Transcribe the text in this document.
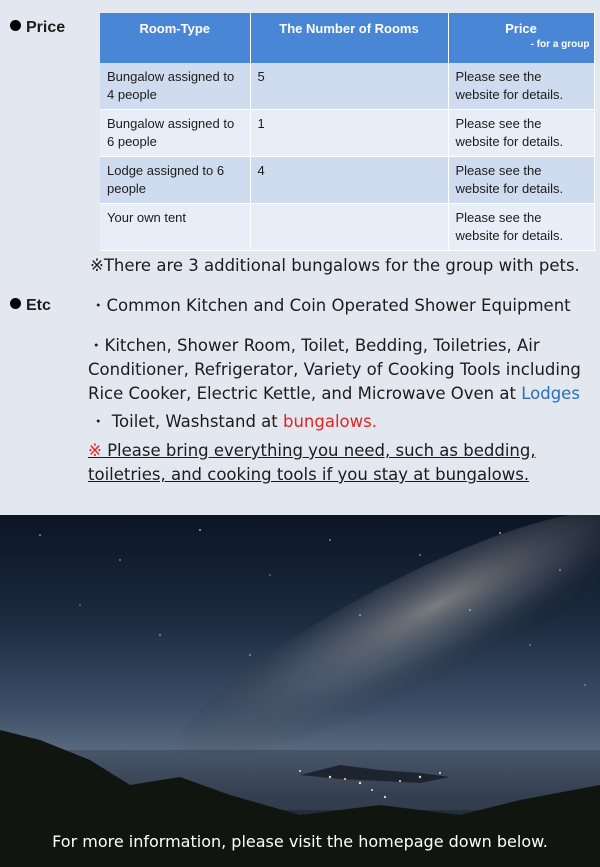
Price	Room-Type	The Number of Rooms	Price
- for a group

Bungalow assigned to 4 people	5	Please see the website for details.
Bungalow assigned to 6 people	1	Please see the website for details.
Lodge assigned to 6 people	4	Please see the website for details.
Your own tent		Please see the website for details.
※There are 3 additional bungalows for the group with pets.
Etc ・Common Kitchen and Coin Operated Shower Equipment
・Kitchen, Shower Room, Toilet, Bedding, Toiletries, Air
Conditioner, Refrigerator, Variety of Cooking Tools including
Rice Cooker, Electric Kettle, and Microwave Oven at Lodges
・ Toilet, Washstand at bungalows.
※ Please bring everything you need, such as bedding,
toiletries, and cooking tools if you stay at bungalows.
For more information, please visit the homepage down below.
